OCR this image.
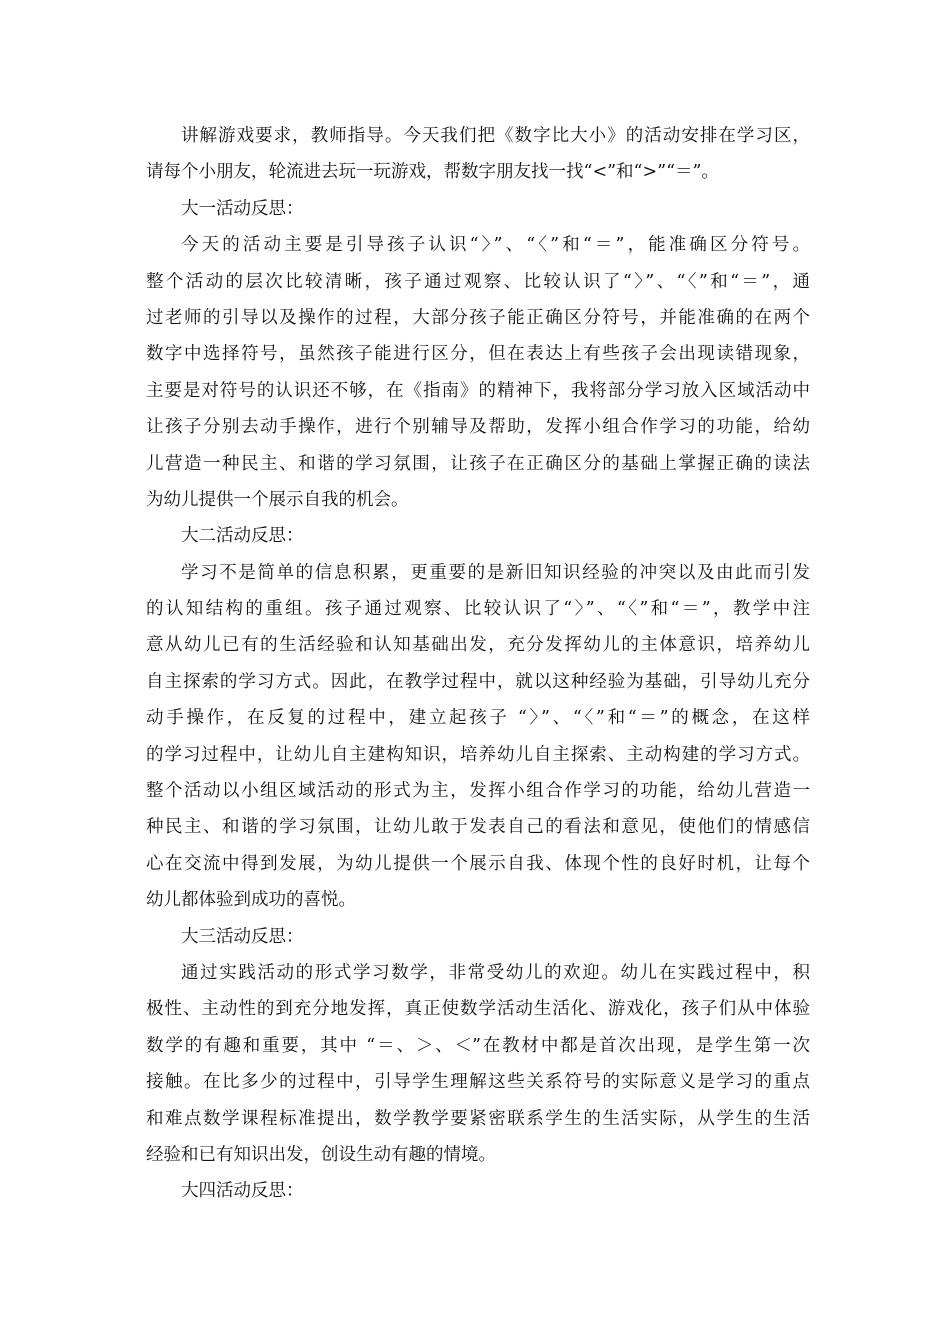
讲解游戏要求，教师指导。今天我们把《数字比大小》的活动安排在学习区，
请每个小朋友，轮流进去玩一玩游戏，帮数字朋友找一找“<”和“>”“＝”。
大一活动反思：
今天的活动主要是引导孩子认识“〉”、“〈”和“＝”，能准确区分符号。
整个活动的层次比较清晰，孩子通过观察、比较认识了“〉”、“〈”和“＝”，通
过老师的引导以及操作的过程，大部分孩子能正确区分符号，并能准确的在两个
数字中选择符号，虽然孩子能进行区分，但在表达上有些孩子会出现读错现象，
主要是对符号的认识还不够，在《指南》的精神下，我将部分学习放入区域活动中
让孩子分别去动手操作，进行个别辅导及帮助，发挥小组合作学习的功能，给幼
儿营造一种民主、和谐的学习氛围，让孩子在正确区分的基础上掌握正确的读法
为幼儿提供一个展示自我的机会。
大二活动反思：
学习不是简单的信息积累，更重要的是新旧知识经验的冲突以及由此而引发
的认知结构的重组。孩子通过观察、比较认识了“〉”、“〈”和“＝”，教学中注
意从幼儿已有的生活经验和认知基础出发，充分发挥幼儿的主体意识，培养幼儿
自主探索的学习方式。因此，在教学过程中，就以这种经验为基础，引导幼儿充分
动手操作，在反复的过程中，建立起孩子 “〉”、“〈”和“＝”的概念，在这样
的学习过程中，让幼儿自主建构知识，培养幼儿自主探索、主动构建的学习方式。
整个活动以小组区域活动的形式为主，发挥小组合作学习的功能，给幼儿营造一
种民主、和谐的学习氛围，让幼儿敢于发表自己的看法和意见，使他们的情感信
心在交流中得到发展，为幼儿提供一个展示自我、体现个性的良好时机，让每个
幼儿都体验到成功的喜悦。
大三活动反思：
通过实践活动的形式学习数学，非常受幼儿的欢迎。幼儿在实践过程中，积
极性、主动性的到充分地发挥，真正使数学活动生活化、游戏化，孩子们从中体验
数学的有趣和重要，其中 “＝、＞、＜”在教材中都是首次出现，是学生第一次
接触。在比多少的过程中，引导学生理解这些关系符号的实际意义是学习的重点
和难点数学课程标准提出，数学教学要紧密联系学生的生活实际，从学生的生活
经验和已有知识出发，创设生动有趣的情境。
大四活动反思：
